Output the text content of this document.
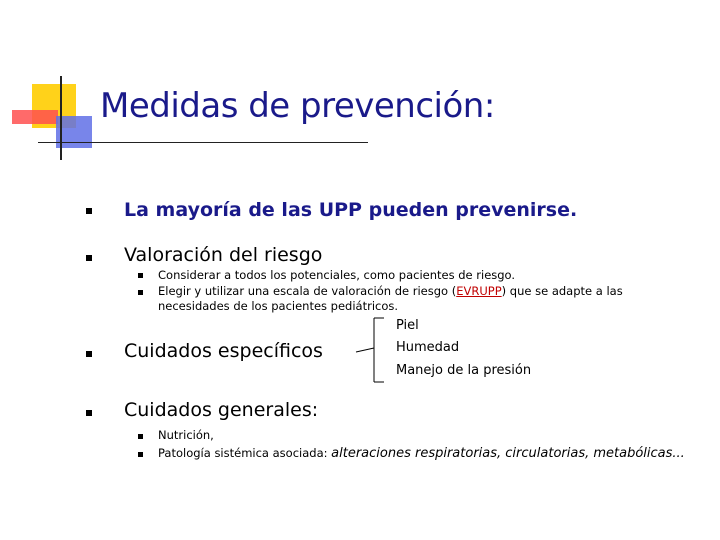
Medidas de prevención:
La mayoría de las UPP pueden prevenirse.
Valoración del riesgo
Considerar a todos los potenciales, como pacientes de riesgo.
Elegir y utilizar una escala de valoración de riesgo (EVRUPP) que se adapte a las necesidades de los pacientes pediátricos.
Cuidados específicos
Piel
Humedad
Manejo de la presión
Cuidados generales:
Nutrición,
Patología sistémica asociada: alteraciones respiratorias, circulatorias, metabólicas...
